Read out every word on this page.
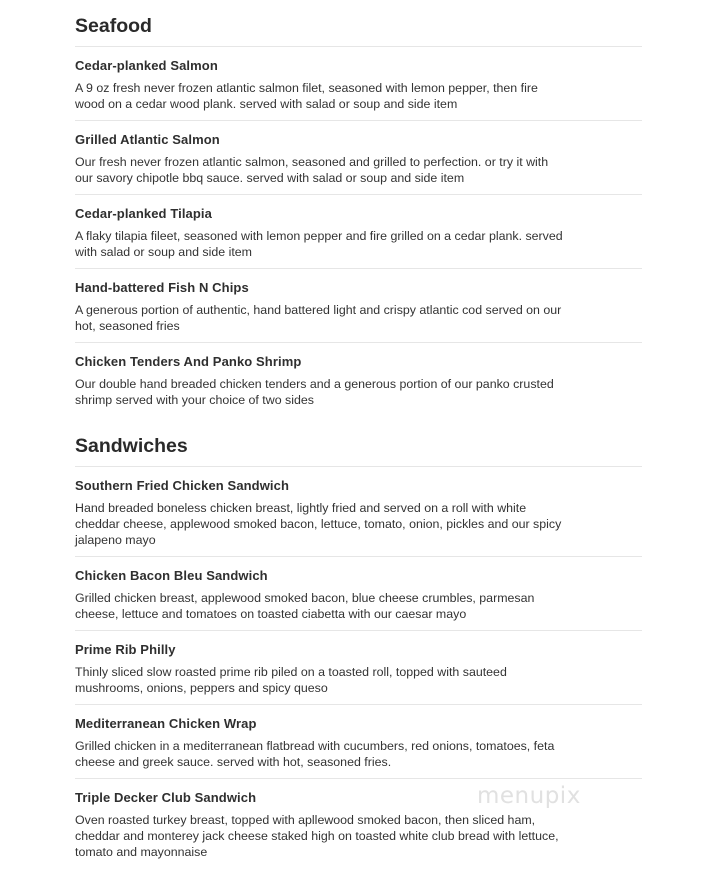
Seafood
Cedar-planked Salmon
A 9 oz fresh never frozen atlantic salmon filet, seasoned with lemon pepper, then fire wood on a cedar wood plank. served with salad or soup and side item
Grilled Atlantic Salmon
Our fresh never frozen atlantic salmon, seasoned and grilled to perfection. or try it with our savory chipotle bbq sauce. served with salad or soup and side item
Cedar-planked Tilapia
A flaky tilapia fileet, seasoned with lemon pepper and fire grilled on a cedar plank. served with salad or soup and side item
Hand-battered Fish N Chips
A generous portion of authentic, hand battered light and crispy atlantic cod served on our hot, seasoned fries
Chicken Tenders And Panko Shrimp
Our double hand breaded chicken tenders and a generous portion of our panko crusted shrimp served with your choice of two sides
Sandwiches
Southern Fried Chicken Sandwich
Hand breaded boneless chicken breast, lightly fried and served on a roll with white cheddar cheese, applewood smoked bacon, lettuce, tomato, onion, pickles and our spicy jalapeno mayo
Chicken Bacon Bleu Sandwich
Grilled chicken breast, applewood smoked bacon, blue cheese crumbles, parmesan cheese, lettuce and tomatoes on toasted ciabetta with our caesar mayo
Prime Rib Philly
Thinly sliced slow roasted prime rib piled on a toasted roll, topped with sauteed mushrooms, onions, peppers and spicy queso
Mediterranean Chicken Wrap
Grilled chicken in a mediterranean flatbread with cucumbers, red onions, tomatoes, feta cheese and greek sauce. served with hot, seasoned fries.
Triple Decker Club Sandwich
Oven roasted turkey breast, topped with apllewood smoked bacon, then sliced ham, cheddar and monterey jack cheese staked high on toasted white club bread with lettuce, tomato and mayonnaise
menupix
